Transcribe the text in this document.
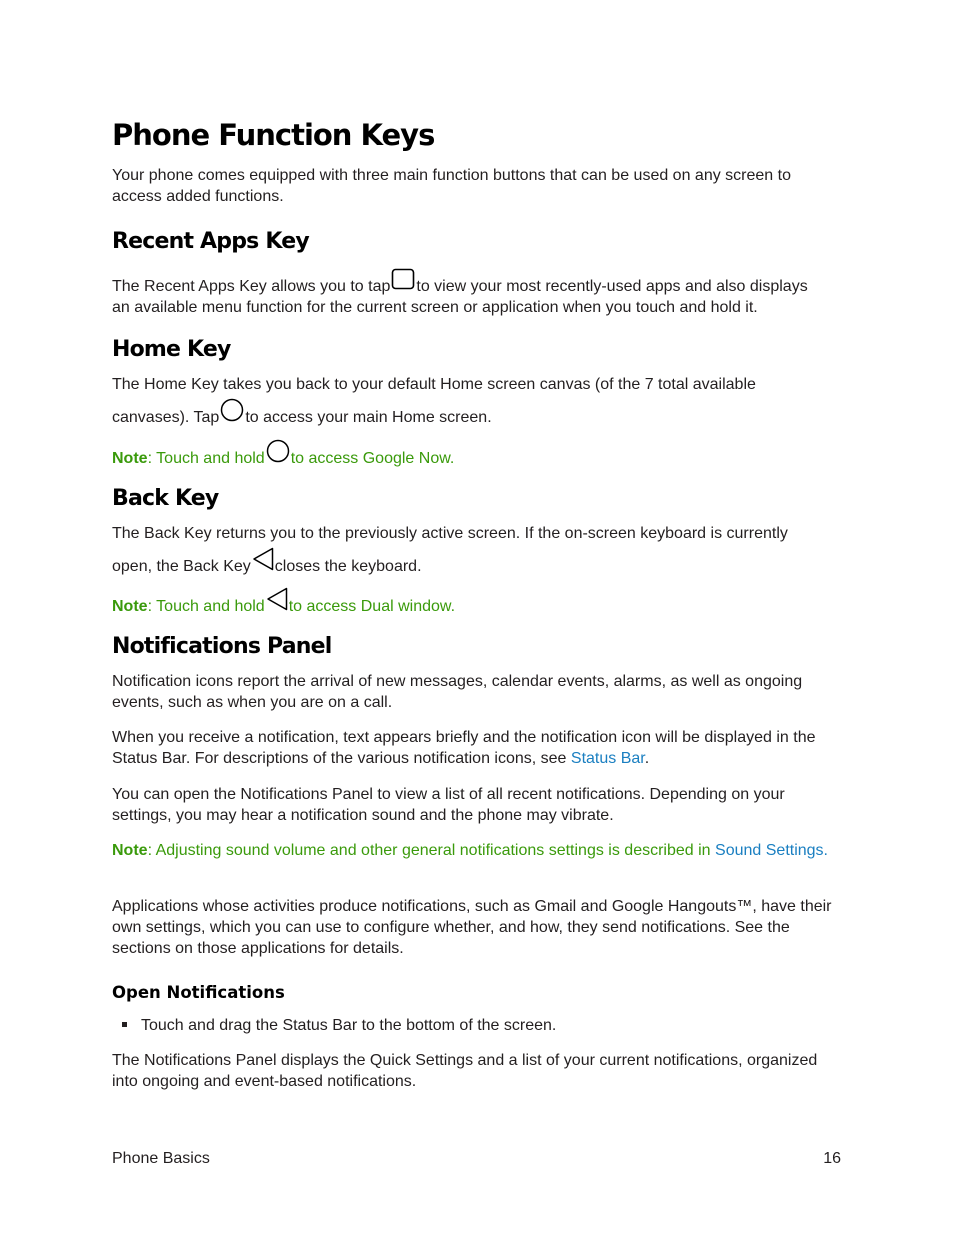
Phone Function Keys

Your phone comes equipped with three main function buttons that can be used on any screen to access added functions.

Recent Apps Key

The Recent Apps Key allows you to tap to view your most recently-used apps and also displays
an available menu function for the current screen or application when you touch and hold it.

Home Key

The Home Key takes you back to your default Home screen canvas (of the 7 total available

canvases). Tap to access your main Home screen.

Note: Touch and hold to access Google Now.

Back Key

The Back Key returns you to the previously active screen. If the on-screen keyboard is currently

open, the Back Key closes the keyboard.

Note: Touch and hold to access Dual window.

Notifications Panel

Notification icons report the arrival of new messages, calendar events, alarms, as well as ongoing events, such as when you are on a call.

When you receive a notification, text appears briefly and the notification icon will be displayed in the Status Bar. For descriptions of the various notification icons, see Status Bar.

You can open the Notifications Panel to view a list of all recent notifications. Depending on your settings, you may hear a notification sound and the phone may vibrate.

Note: Adjusting sound volume and other general notifications settings is described in Sound Settings.

Applications whose activities produce notifications, such as Gmail and Google Hangouts™, have their own settings, which you can use to configure whether, and how, they send notifications. See the sections on those applications for details.

Open Notifications

Touch and drag the Status Bar to the bottom of the screen.

The Notifications Panel displays the Quick Settings and a list of your current notifications, organized into ongoing and event-based notifications.

Phone Basics	16
